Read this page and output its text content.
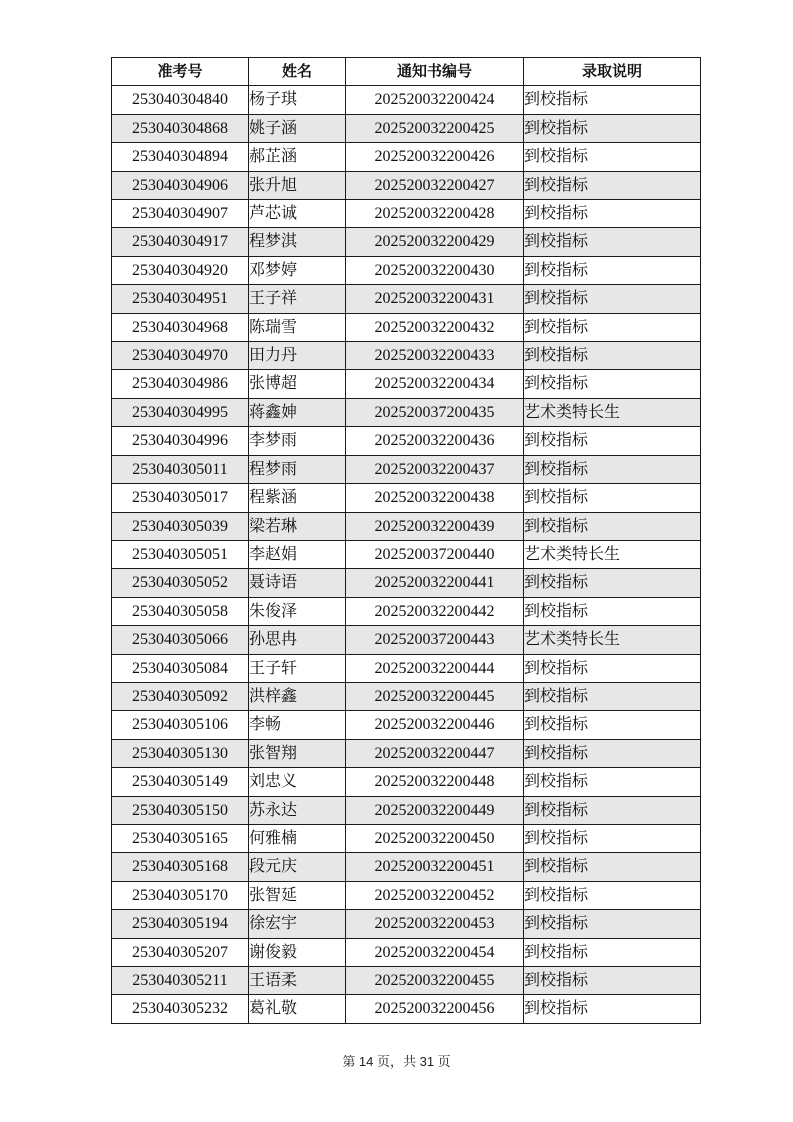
准考号	姓名	通知书编号	录取说明
253040304840	杨子琪	202520032200424	到校指标
253040304868	姚子涵	202520032200425	到校指标
253040304894	郝芷涵	202520032200426	到校指标
253040304906	张升旭	202520032200427	到校指标
253040304907	芦芯诚	202520032200428	到校指标
253040304917	程梦淇	202520032200429	到校指标
253040304920	邓梦婷	202520032200430	到校指标
253040304951	王子祥	202520032200431	到校指标
253040304968	陈瑞雪	202520032200432	到校指标
253040304970	田力丹	202520032200433	到校指标
253040304986	张博超	202520032200434	到校指标
253040304995	蒋鑫妽	202520037200435	艺术类特长生
253040304996	李梦雨	202520032200436	到校指标
253040305011	程梦雨	202520032200437	到校指标
253040305017	程紫涵	202520032200438	到校指标
253040305039	梁若琳	202520032200439	到校指标
253040305051	李赵娟	202520037200440	艺术类特长生
253040305052	聂诗语	202520032200441	到校指标
253040305058	朱俊泽	202520032200442	到校指标
253040305066	孙思冉	202520037200443	艺术类特长生
253040305084	王子轩	202520032200444	到校指标
253040305092	洪梓鑫	202520032200445	到校指标
253040305106	李畅	202520032200446	到校指标
253040305130	张智翔	202520032200447	到校指标
253040305149	刘忠义	202520032200448	到校指标
253040305150	苏永达	202520032200449	到校指标
253040305165	何雅楠	202520032200450	到校指标
253040305168	段元庆	202520032200451	到校指标
253040305170	张智延	202520032200452	到校指标
253040305194	徐宏宇	202520032200453	到校指标
253040305207	谢俊毅	202520032200454	到校指标
253040305211	王语柔	202520032200455	到校指标
253040305232	葛礼敬	202520032200456	到校指标
第 14 页，共 31 页
